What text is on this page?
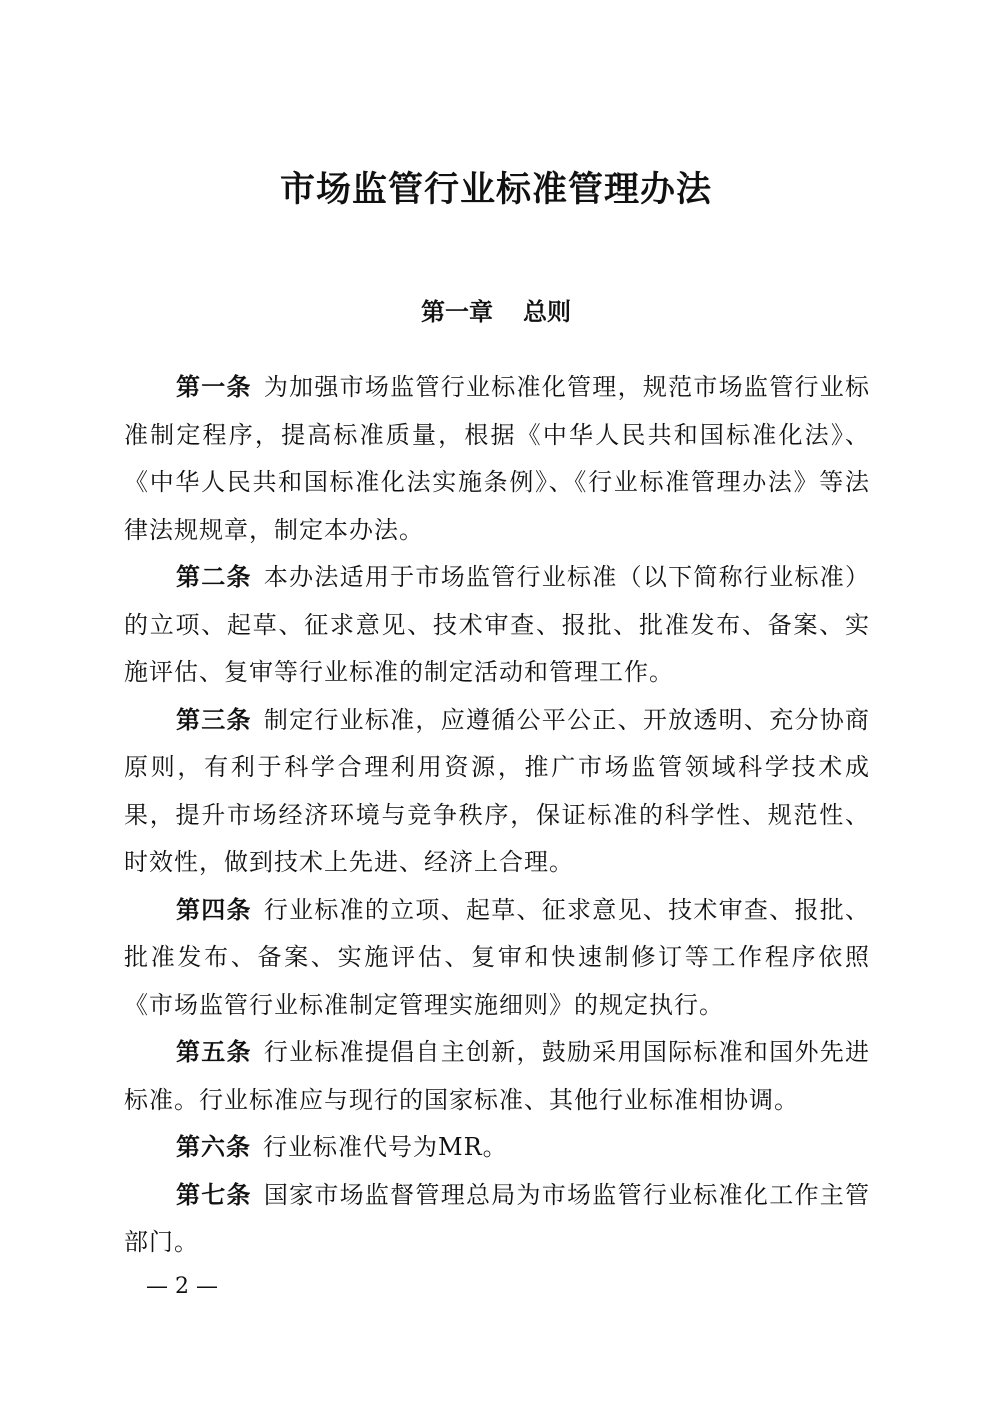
市场监管行业标准管理办法
第一章 总则

第一条 为加强市场监管行业标准化管理，规范市场监管行业标准制定程序，提高标准质量，根据《中华人民共和国标准化法》、《中华人民共和国标准化法实施条例》、《行业标准管理办法》等法律法规规章，制定本办法。

第二条 本办法适用于市场监管行业标准（以下简称行业标准）的立项、起草、征求意见、技术审查、报批、批准发布、备案、实施评估、复审等行业标准的制定活动和管理工作。

第三条 制定行业标准，应遵循公平公正、开放透明、充分协商原则，有利于科学合理利用资源，推广市场监管领域科学技术成果，提升市场经济环境与竞争秩序，保证标准的科学性、规范性、时效性，做到技术上先进、经济上合理。

第四条 行业标准的立项、起草、征求意见、技术审查、报批、批准发布、备案、实施评估、复审和快速制修订等工作程序依照《市场监管行业标准制定管理实施细则》的规定执行。

第五条 行业标准提倡自主创新，鼓励采用国际标准和国外先进标准。行业标准应与现行的国家标准、其他行业标准相协调。

第六条 行业标准代号为MR。

第七条 国家市场监督管理总局为市场监管行业标准化工作主管部门。

— 2 —
